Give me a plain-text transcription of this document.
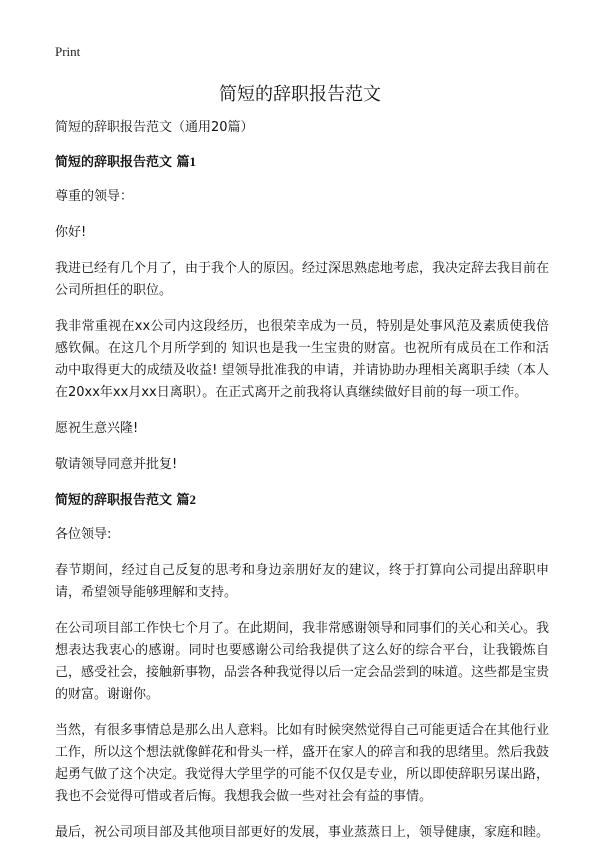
Print
简短的辞职报告范文

简短的辞职报告范文（通用20篇）

简短的辞职报告范文 篇1

尊重的领导：

你好!

我进已经有几个月了，由于我个人的原因。经过深思熟虑地考虑，我决定辞去我目前在公司所担任的职位。

我非常重视在xx公司内这段经历，也很荣幸成为一员，特别是处事风范及素质使我倍感钦佩。在这几个月所学到的 知识也是我一生宝贵的财富。也祝所有成员在工作和活动中取得更大的成绩及收益! 望领导批准我的申请，并请协助办理相关离职手续（本人在20xx年xx月xx日离职）。在正式离开之前我将认真继续做好目前的每一项工作。

愿祝生意兴隆!

敬请领导同意并批复!

简短的辞职报告范文 篇2

各位领导:

春节期间，经过自己反复的思考和身边亲朋好友的建议，终于打算向公司提出辞职申请，希望领导能够理解和支持。

在公司项目部工作快七个月了。在此期间，我非常感谢领导和同事们的关心和关心。我想表达我衷心的感谢。同时也要感谢公司给我提供了这么好的综合平台，让我锻炼自己，感受社会，接触新事物，品尝各种我觉得以后一定会品尝到的味道。这些都是宝贵的财富。谢谢你。

当然，有很多事情总是那么出人意料。比如有时候突然觉得自己可能更适合在其他行业工作，所以这个想法就像鲜花和骨头一样，盛开在家人的碎言和我的思绪里。然后我鼓起勇气做了这个决定。我觉得大学里学的可能不仅仅是专业，所以即使辞职另谋出路，我也不会觉得可惜或者后悔。我想我会做一些对社会有益的事情。

最后，祝公司项目部及其他项目部更好的发展，事业蒸蒸日上，领导健康，家庭和睦。
